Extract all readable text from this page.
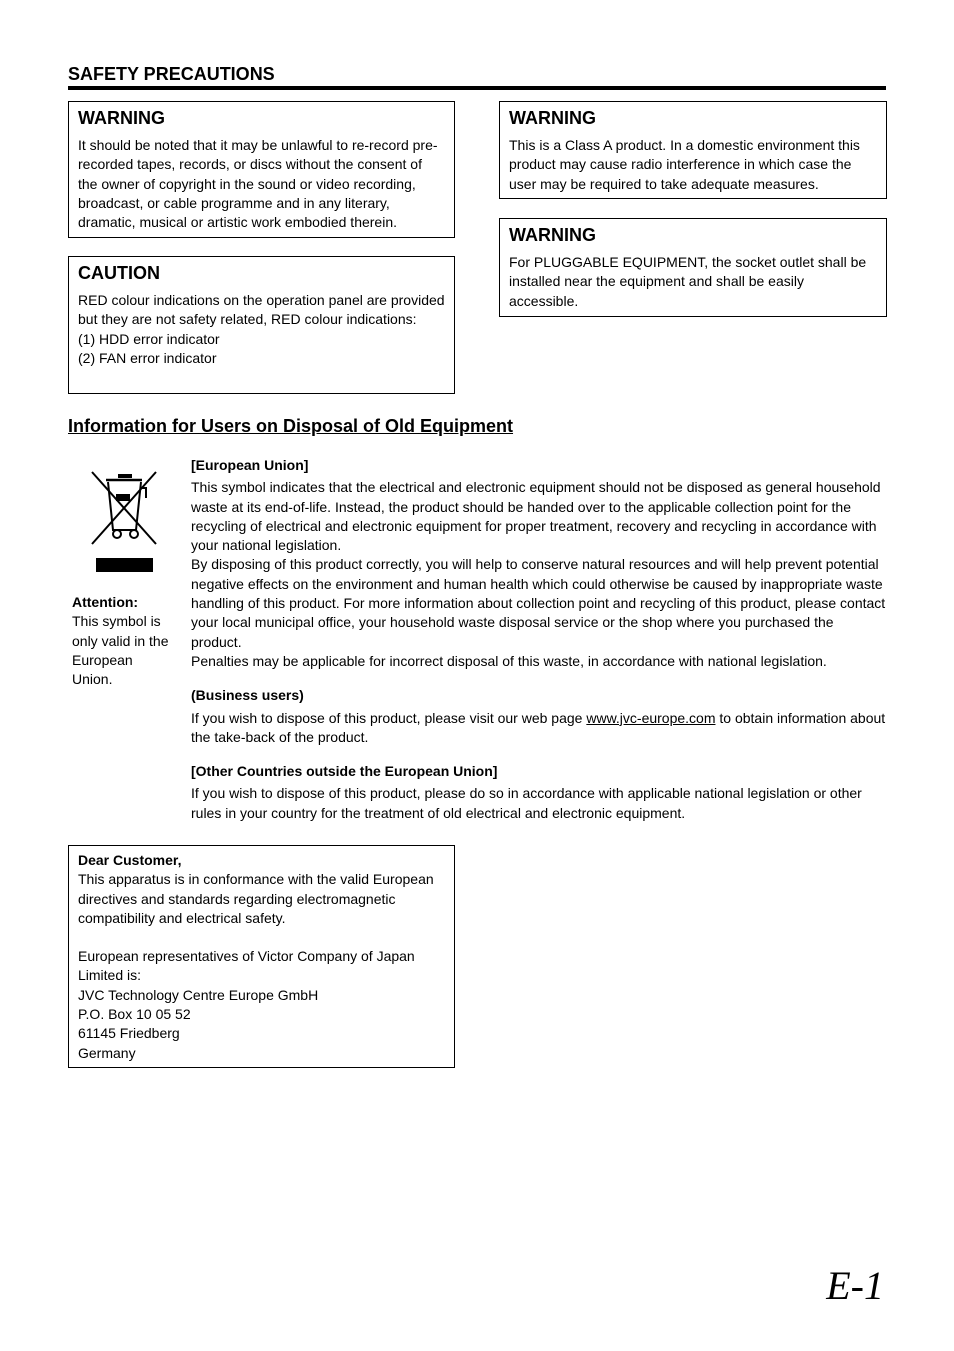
SAFETY PRECAUTIONS
WARNING
It should be noted that it may be unlawful to re-record pre-recorded tapes, records, or discs without the consent of the owner of copyright in the sound or video recording, broadcast, or cable programme and in any literary, dramatic, musical or artistic work embodied therein.
CAUTION

RED colour indications on the operation panel are provided but they are not safety related, RED colour indications:

(1) HDD error indicator

(2) FAN error indicator

WARNING
This is a Class A product. In a domestic environment this product may cause radio interference in which case the user may be required to take adequate measures.
WARNING
For PLUGGABLE EQUIPMENT, the socket outlet shall be installed near the equipment and shall be easily accessible.
Information for Users on Disposal of Old Equipment
Attention:
This symbol is only valid in the European Union.

[European Union]

This symbol indicates that the electrical and electronic equipment should not be disposed as general household waste at its end-of-life. Instead, the product should be handed over to the applicable collection point for the recycling of electrical and electronic equipment for proper treatment, recovery and recycling in accordance with your national legislation.

By disposing of this product correctly, you will help to conserve natural resources and will help prevent potential negative effects on the environment and human health which could otherwise be caused by inappropriate waste handling of this product. For more information about collection point and recycling of this product, please contact your local municipal office, your household waste disposal service or the shop where you purchased the product.

Penalties may be applicable for incorrect disposal of this waste, in accordance with national legislation.

(Business users)

If you wish to dispose of this product, please visit our web page www.jvc-europe.com to obtain information about the take-back of the product.

[Other Countries outside the European Union]

If you wish to dispose of this product, please do so in accordance with applicable national legislation or other rules in your country for the treatment of old electrical and electronic equipment.

Dear Customer,

This apparatus is in conformance with the valid European directives and standards regarding electromagnetic compatibility and electrical safety.

European representatives of Victor Company of Japan Limited is:

JVC Technology Centre Europe GmbH

P.O. Box 10 05 52

61145 Friedberg

Germany

E-1
